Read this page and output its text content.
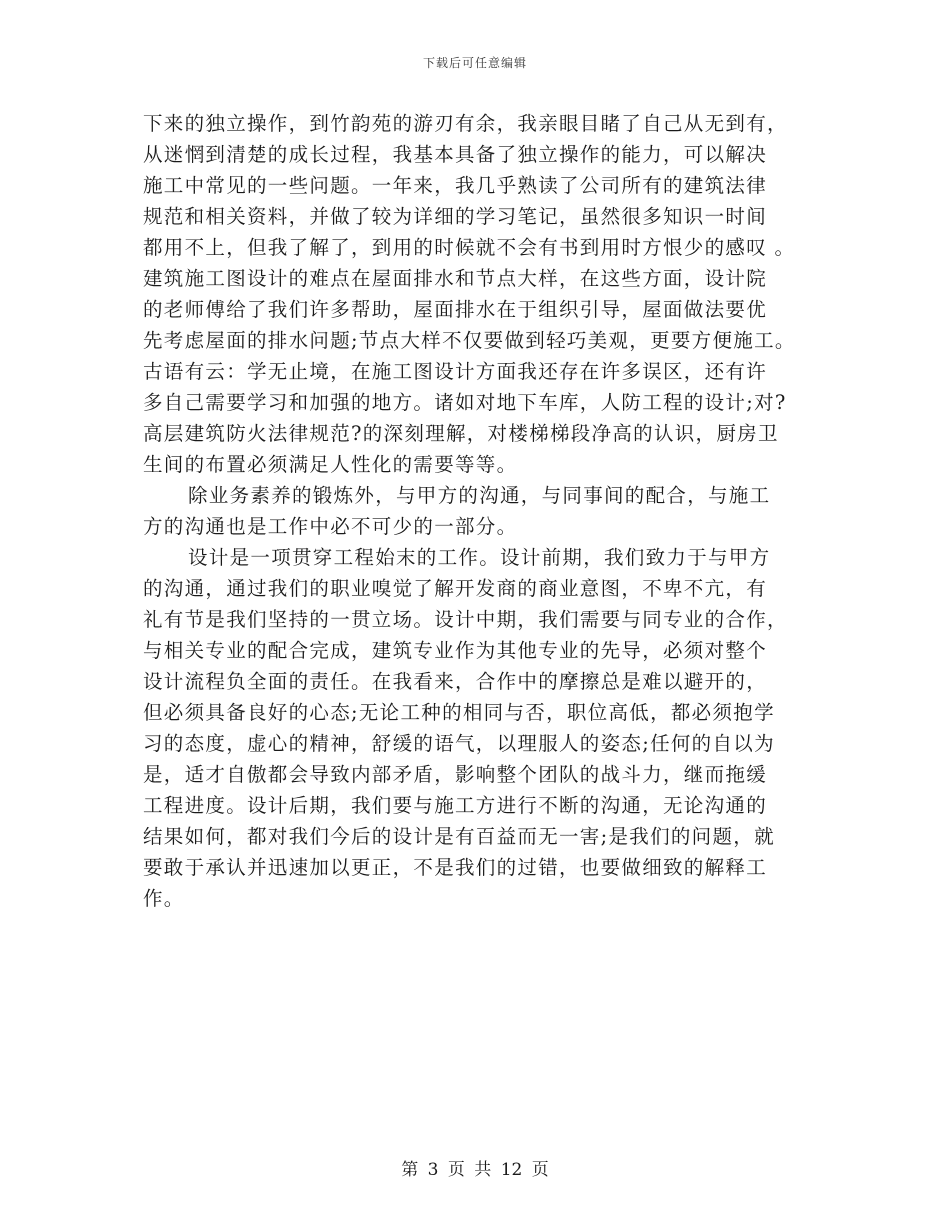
下载后可任意编辑
下来的独立操作，到竹韵苑的游刃有余，我亲眼目睹了自己从无到有，
从迷惘到清楚的成长过程，我基本具备了独立操作的能力，可以解决
施工中常见的一些问题。一年来，我几乎熟读了公司所有的建筑法律
规范和相关资料，并做了较为详细的学习笔记，虽然很多知识一时间
都用不上，但我了解了，到用的时候就不会有书到用时方恨少的感叹 。
建筑施工图设计的难点在屋面排水和节点大样，在这些方面，设计院
的老师傅给了我们许多帮助，屋面排水在于组织引导，屋面做法要优
先考虑屋面的排水问题;节点大样不仅要做到轻巧美观，更要方便施工。
古语有云：学无止境，在施工图设计方面我还存在许多误区，还有许
多自己需要学习和加强的地方。诸如对地下车库，人防工程的设计;对?
高层建筑防火法律规范?的深刻理解，对楼梯梯段净高的认识，厨房卫
生间的布置必须满足人性化的需要等等。
除业务素养的锻炼外，与甲方的沟通，与同事间的配合，与施工
方的沟通也是工作中必不可少的一部分。
设计是一项贯穿工程始末的工作。设计前期，我们致力于与甲方
的沟通，通过我们的职业嗅觉了解开发商的商业意图，不卑不亢，有
礼有节是我们坚持的一贯立场。设计中期，我们需要与同专业的合作，
与相关专业的配合完成，建筑专业作为其他专业的先导，必须对整个
设计流程负全面的责任。在我看来，合作中的摩擦总是难以避开的，
但必须具备良好的心态;无论工种的相同与否，职位高低，都必须抱学
习的态度，虚心的精神，舒缓的语气，以理服人的姿态;任何的自以为
是，适才自傲都会导致内部矛盾，影响整个团队的战斗力，继而拖缓
工程进度。设计后期，我们要与施工方进行不断的沟通，无论沟通的
结果如何，都对我们今后的设计是有百益而无一害;是我们的问题，就
要敢于承认并迅速加以更正，不是我们的过错，也要做细致的解释工
作。
第 3 页 共 12 页
